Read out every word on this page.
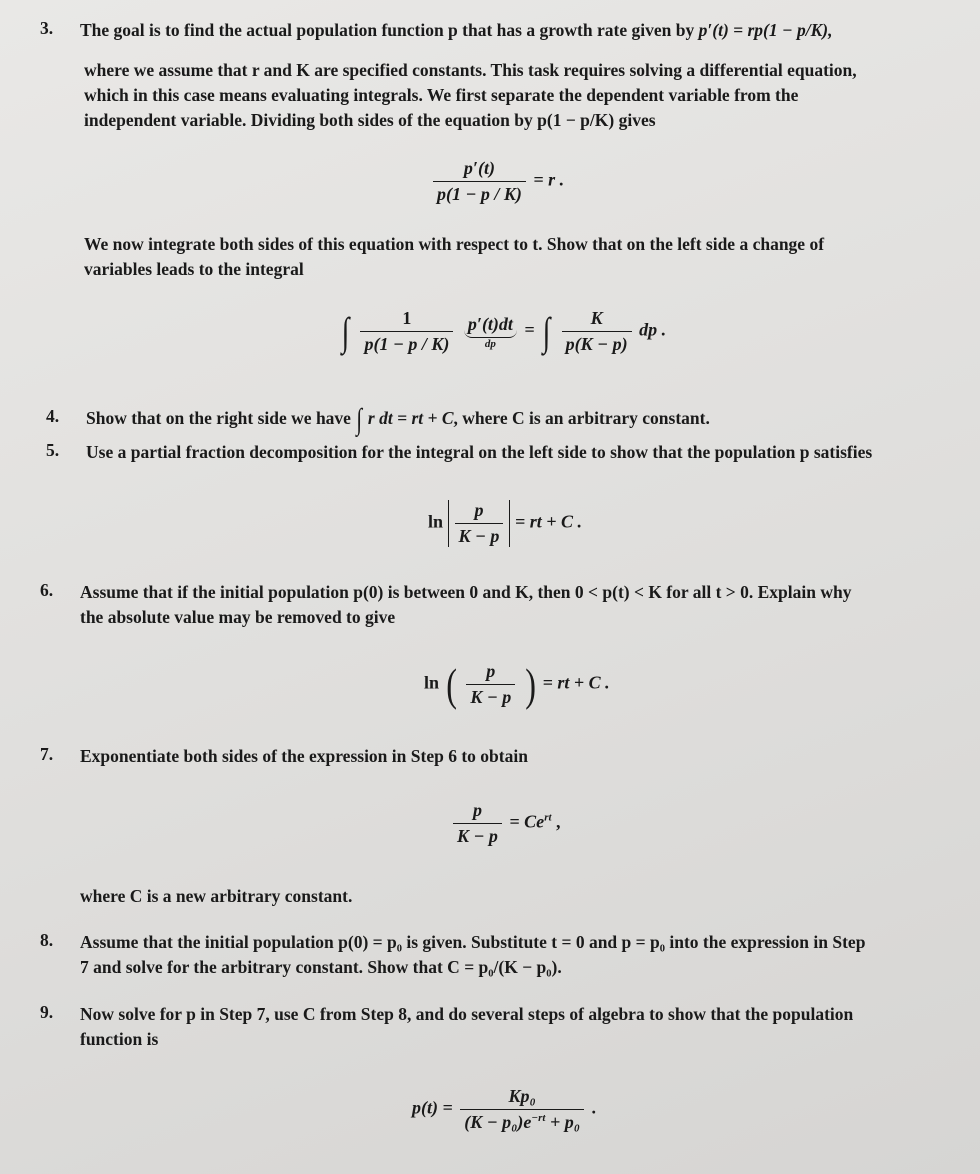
3.	The goal is to find the actual population function p that has a growth rate given by p′(t) = rp(1 − p/K),
where we assume that r and K are specified constants. This task requires solving a differential equation,
which in this case means evaluating integrals. We first separate the dependent variable from the
independent variable. Dividing both sides of the equation by p(1 − p/K) gives
$\frac{p'(t)}{p(1 - p / K)} = r$ .
We now integrate both sides of this equation with respect to t. Show that on the left side a change of
variables leads to the integral
∫ $\frac{1}{p(1 - p / K)}$
$\frac{p'(t)dt}{dp}$ = ∫ $\frac{K}{p(K - p)}$ dp .
4.	Show that on the right side we have ∫ r dt = rt + C, where C is an arbitrary constant.
5.	Use a partial fraction decomposition for the integral on the left side to show that the population p satisfies
$\ln \frac{p}{K - p}$ = rt + C .
6.	Assume that if the initial population p(0) is between 0 and K, then 0 < p(t) < K for all t > 0. Explain why
the absolute value may be removed to give
ln ( $\frac{p}{K - p}$ ) = rt + C .
7.	Exponentiate both sides of the expression in Step 6 to obtain
$\frac{p}{K - p} = Ce^{rt}$ ,
where C is a new arbitrary constant.
8.	Assume that the initial population p(0) = p₀ is given. Substitute t = 0 and p = p₀ into the expression in Step
7 and solve for the arbitrary constant. Show that C = p₀/(K − p₀).
9.	Now solve for p in Step 7, use C from Step 8, and do several steps of algebra to show that the population
function is
$p(t) = \frac{\text{Kp₀}}{(K - p_0)e^{-rt} + p_0}$ .
